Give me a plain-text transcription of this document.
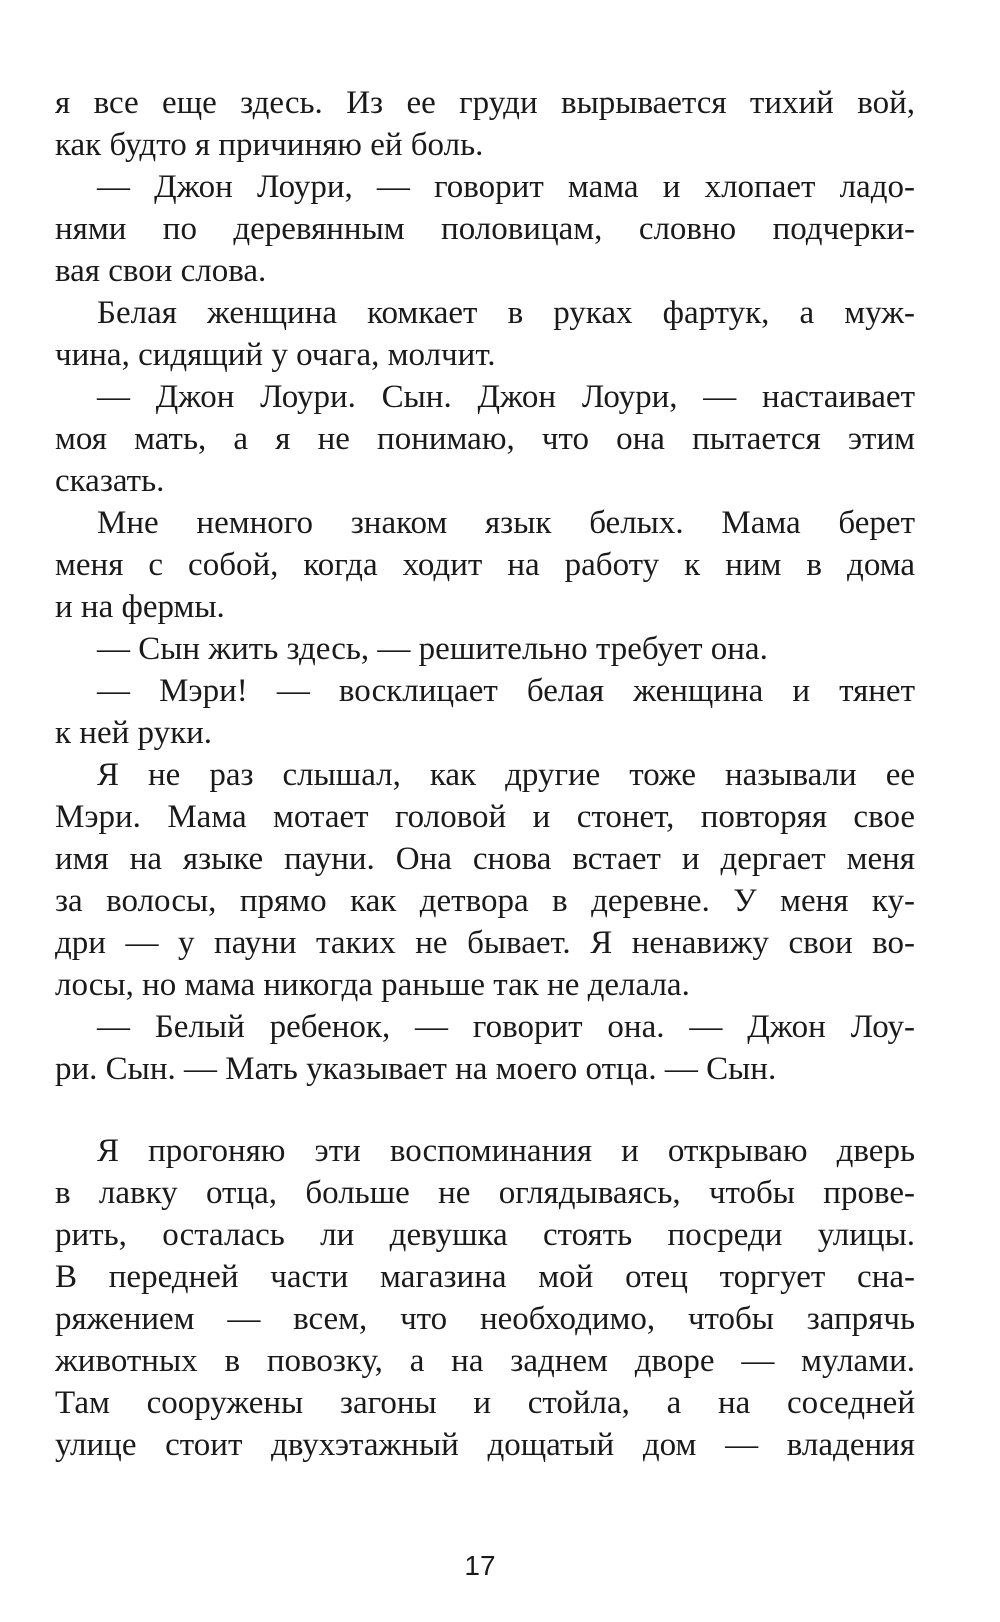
я все еще здесь. Из ее груди вырывается тихий вой,
как будто я причиняю ей боль.
— Джон Лоури, — говорит мама и хлопает ладо-
нями по деревянным половицам, словно подчерки-
вая свои слова.
Белая женщина комкает в руках фартук, а муж-
чина, сидящий у очага, молчит.
— Джон Лоури. Сын. Джон Лоури, — настаивает
моя мать, а я не понимаю, что она пытается этим
сказать.
Мне немного знаком язык белых. Мама берет
меня с собой, когда ходит на работу к ним в дома
и на фермы.
— Сын жить здесь, — решительно требует она.
— Мэри! — восклицает белая женщина и тянет
к ней руки.
Я не раз слышал, как другие тоже называли ее
Мэри. Мама мотает головой и стонет, повторяя свое
имя на языке пауни. Она снова встает и дергает меня
за волосы, прямо как детвора в деревне. У меня ку-
дри — у пауни таких не бывает. Я ненавижу свои во-
лосы, но мама никогда раньше так не делала.
— Белый ребенок, — говорит она. — Джон Лоу-
ри. Сын. — Мать указывает на моего отца. — Сын.
Я прогоняю эти воспоминания и открываю дверь
в лавку отца, больше не оглядываясь, чтобы прове-
рить, осталась ли девушка стоять посреди улицы.
В передней части магазина мой отец торгует сна-
ряжением — всем, что необходимо, чтобы запрячь
животных в повозку, а на заднем дворе — мулами.
Там сооружены загоны и стойла, а на соседней
улице стоит двухэтажный дощатый дом — владения
17
